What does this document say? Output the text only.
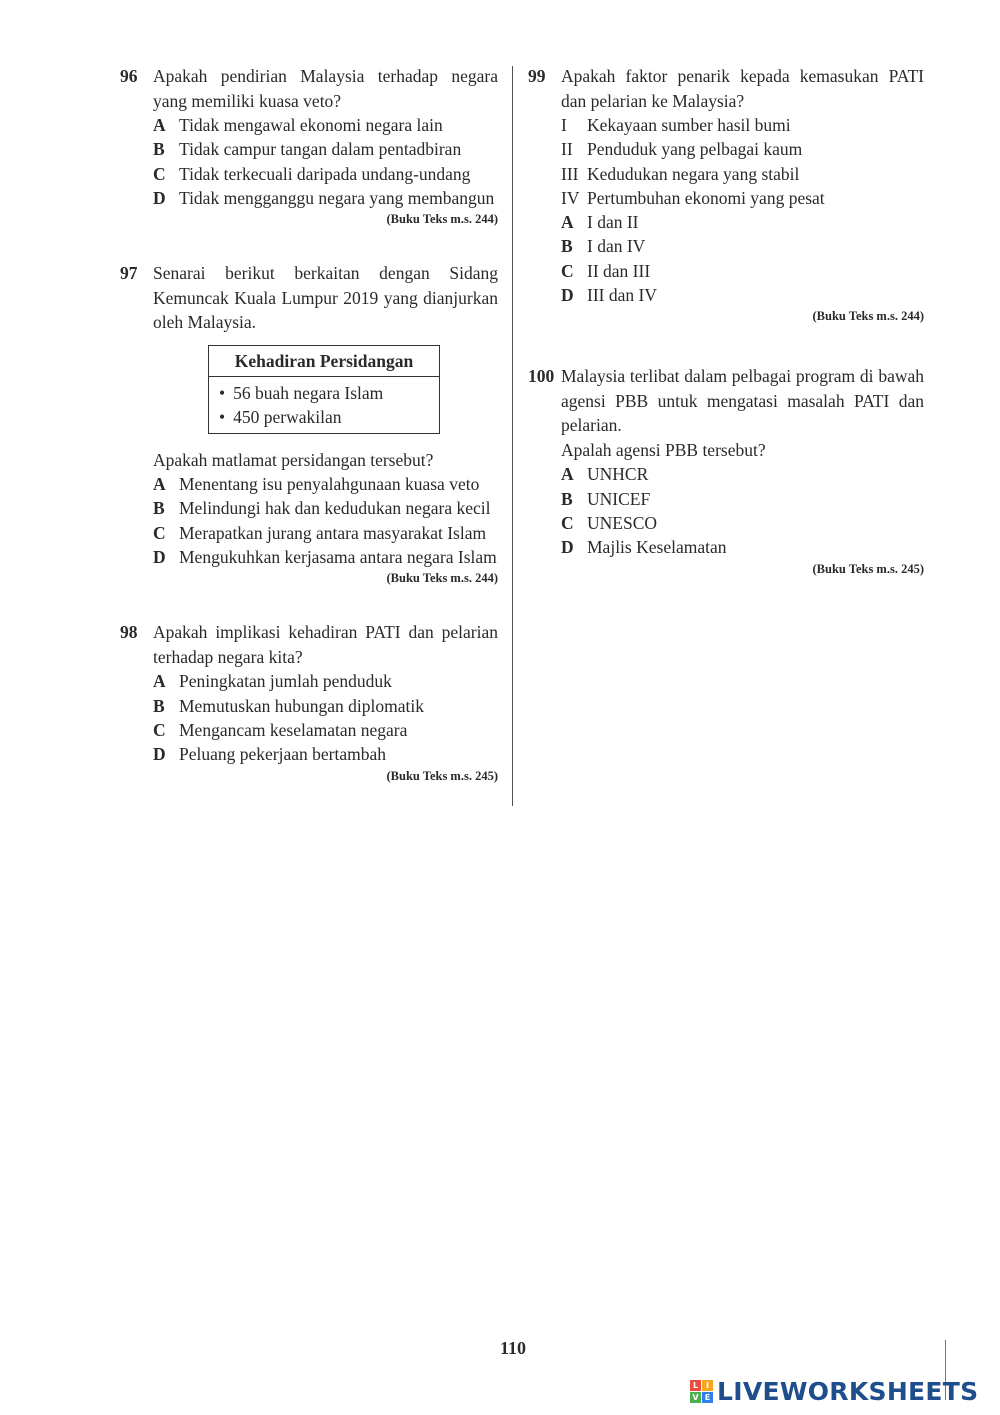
96 Apakah pendirian Malaysia terhadap negara yang memiliki kuasa veto?
A Tidak mengawal ekonomi negara lain
B Tidak campur tangan dalam pentadbiran
C Tidak terkecuali daripada undang-undang
D Tidak mengganggu negara yang membangun
(Buku Teks m.s. 244)
97 Senarai berikut berkaitan dengan Sidang Kemuncak Kuala Lumpur 2019 yang dianjurkan oleh Malaysia.
Kehadiran Persidangan
• 56 buah negara Islam
• 450 perwakilan
Apakah matlamat persidangan tersebut?
A Menentang isu penyalahgunaan kuasa veto
B Melindungi hak dan kedudukan negara kecil
C Merapatkan jurang antara masyarakat Islam
D Mengukuhkan kerjasama antara negara Islam
(Buku Teks m.s. 244)
98 Apakah implikasi kehadiran PATI dan pelarian terhadap negara kita?
A Peningkatan jumlah penduduk
B Memutuskan hubungan diplomatik
C Mengancam keselamatan negara
D Peluang pekerjaan bertambah
(Buku Teks m.s. 245)
99 Apakah faktor penarik kepada kemasukan PATI dan pelarian ke Malaysia?
I	Kekayaan sumber hasil bumi
II Penduduk yang pelbagai kaum
III Kedudukan negara yang stabil
IV Pertumbuhan ekonomi yang pesat
A I dan II
B I dan IV
C II dan III
D III dan IV
(Buku Teks m.s. 244)
100 Malaysia terlibat dalam pelbagai program di bawah agensi PBB untuk mengatasi masalah PATI dan pelarian.
Apalah agensi PBB tersebut?
A UNHCR
B UNICEF
C UNESCO
D Majlis Keselamatan
(Buku Teks m.s. 245)
110
L I
V E LIVEWORKSHEETS
